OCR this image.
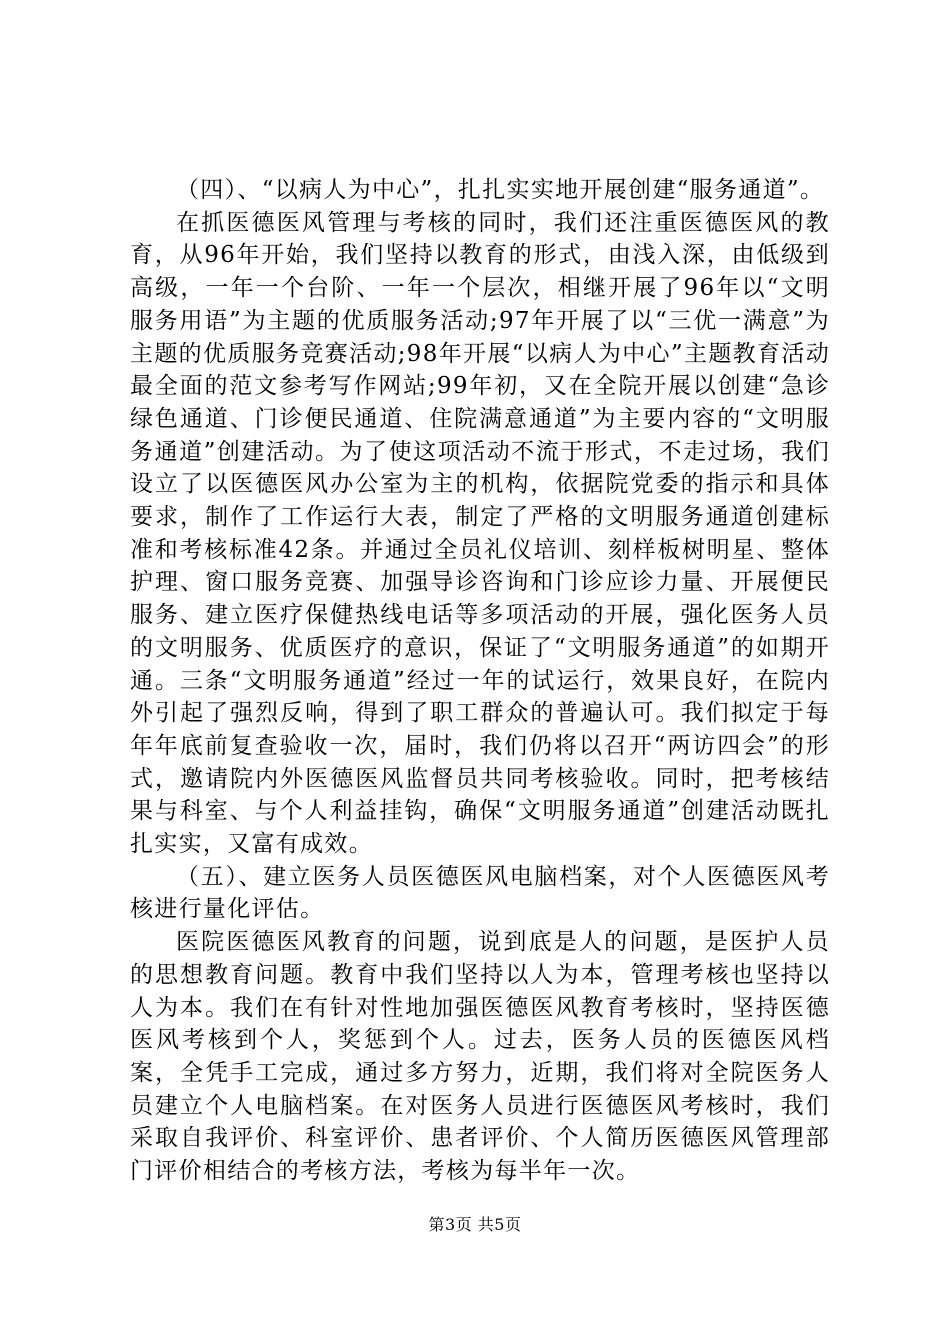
（四）、“以病人为中心”，扎扎实实地开展创建“服务通道”。

在抓医德医风管理与考核的同时，我们还注重医德医风的教育，从96年开始，我们坚持以教育的形式，由浅入深，由低级到高级，一年一个台阶、一年一个层次，相继开展了96年以“文明服务用语”为主题的优质服务活动;97年开展了以“三优一满意”为主题的优质服务竞赛活动;98年开展“以病人为中心”主题教育活动最全面的范文参考写作网站;99年初，又在全院开展以创建“急诊绿色通道、门诊便民通道、住院满意通道”为主要内容的“文明服务通道”创建活动。为了使这项活动不流于形式，不走过场，我们设立了以医德医风办公室为主的机构，依据院党委的指示和具体要求，制作了工作运行大表，制定了严格的文明服务通道创建标准和考核标准42条。并通过全员礼仪培训、刻样板树明星、整体护理、窗口服务竞赛、加强导诊咨询和门诊应诊力量、开展便民服务、建立医疗保健热线电话等多项活动的开展，强化医务人员的文明服务、优质医疗的意识，保证了“文明服务通道”的如期开通。三条“文明服务通道”经过一年的试运行，效果良好，在院内外引起了强烈反响，得到了职工群众的普遍认可。我们拟定于每年年底前复查验收一次，届时，我们仍将以召开“两访四会”的形式，邀请院内外医德医风监督员共同考核验收。同时，把考核结果与科室、与个人利益挂钩，确保“文明服务通道”创建活动既扎扎实实，又富有成效。

（五）、建立医务人员医德医风电脑档案，对个人医德医风考核进行量化评估。

医院医德医风教育的问题，说到底是人的问题，是医护人员的思想教育问题。教育中我们坚持以人为本，管理考核也坚持以人为本。我们在有针对性地加强医德医风教育考核时，坚持医德医风考核到个人，奖惩到个人。过去，医务人员的医德医风档案，全凭手工完成，通过多方努力，近期，我们将对全院医务人员建立个人电脑档案。在对医务人员进行医德医风考核时，我们采取自我评价、科室评价、患者评价、个人简历医德医风管理部门评价相结合的考核方法，考核为每半年一次。

第3页 共5页
